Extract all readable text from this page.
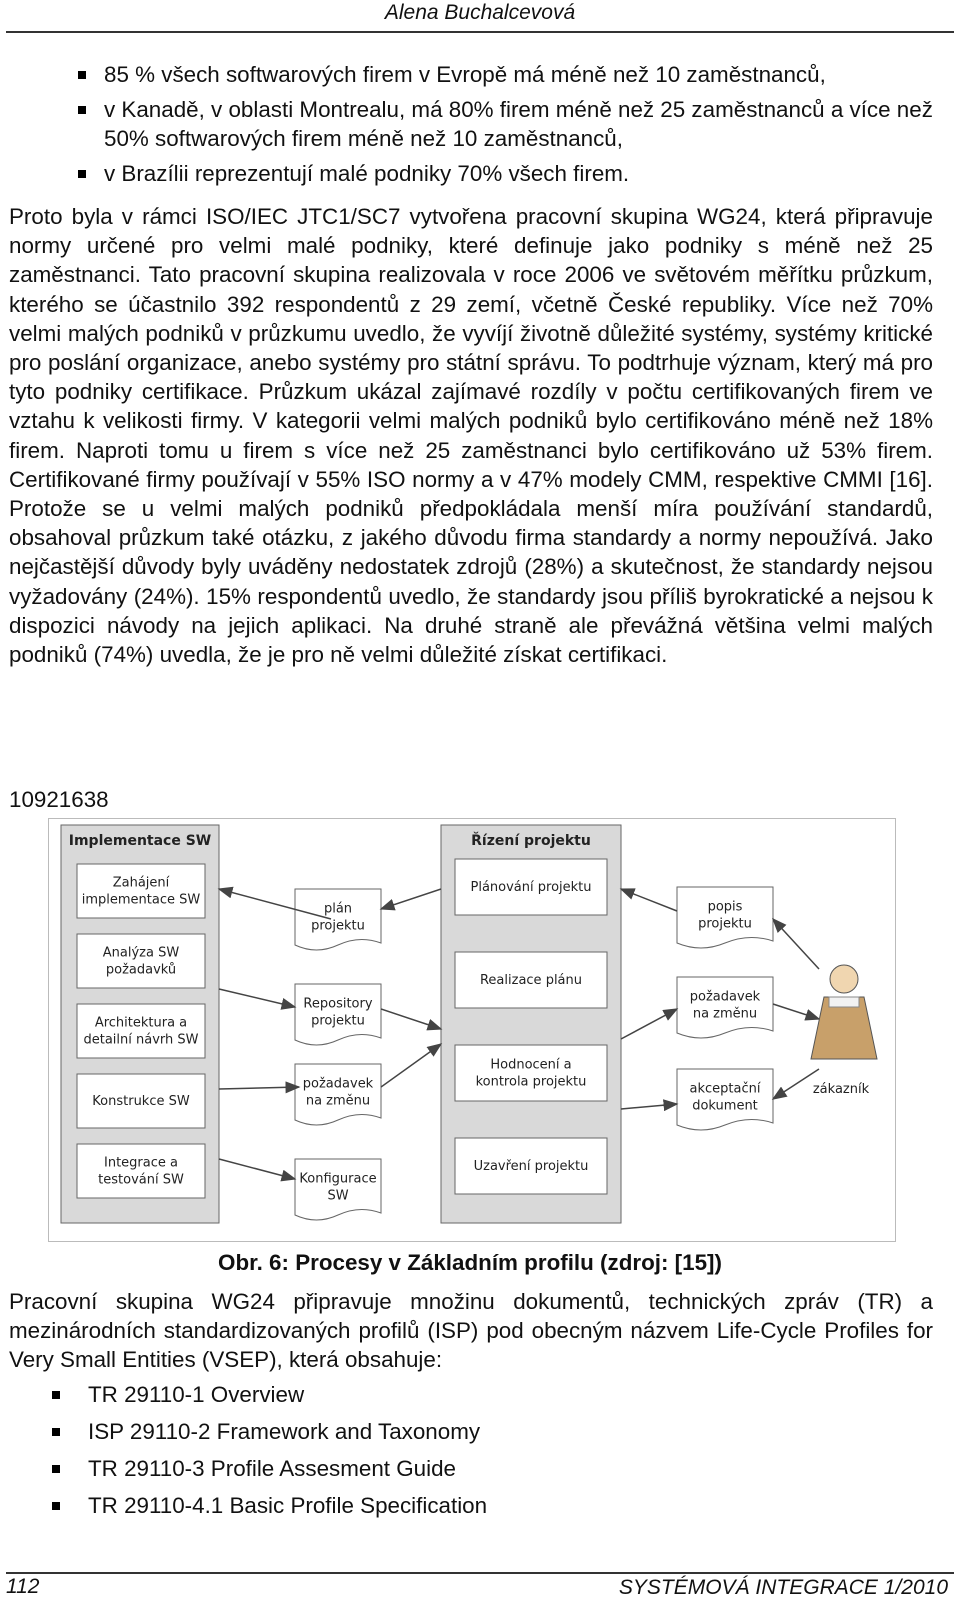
Alena Buchalcevová
85 % všech softwarových firem v Evropě má méně než 10 zaměstnanců,
v Kanadě, v oblasti Montrealu, má 80% firem méně než 25 zaměstnanců a více než 50% softwarových firem méně než 10 zaměstnanců,
v Brazílii reprezentují malé podniky 70% všech firem.

Proto byla v rámci ISO/IEC JTC1/SC7 vytvořena pracovní skupina WG24, která připravuje normy určené pro velmi malé podniky, které definuje jako podniky s méně než 25 zaměstnanci. Tato pracovní skupina realizovala v roce 2006 ve světovém měřítku průzkum, kterého se účastnilo 392 respondentů z 29 zemí, včetně České republiky. Více než 70% velmi malých podniků v průzkumu uvedlo, že vyvíjí životně důležité systémy, systémy kritické pro poslání organizace, anebo systémy pro státní správu. To podtrhuje význam, který má pro tyto podniky certifikace. Průzkum ukázal zajímavé rozdíly v počtu certifikovaných firem ve vztahu k velikosti firmy. V kategorii velmi malých podniků bylo certifikováno méně než 18% firem. Naproti tomu u firem s více než 25 zaměstnanci bylo certifikováno už 53% firem. Certifikované firmy používají v 55% ISO normy a v 47% modely CMM, respektive CMMI [16]. Protože se u velmi malých podniků předpokládala menší míra používání standardů, obsahoval průzkum také otázku, z jakého důvodu firma standardy a normy nepoužívá. Jako nejčastější důvody byly uváděny nedostatek zdrojů (28%) a skutečnost, že standardy nejsou vyžadovány (24%). 15% respondentů uvedlo, že standardy jsou příliš byrokratické a nejsou k dispozici návody na jejich aplikaci. Na druhé straně ale převážná většina velmi malých podniků (74%) uvedla, že je pro ně velmi důležité získat certifikaci.

10921638
Implementace SW
Zahájení
implementace SW
Analýza SW
požadavků
Architektura a
detailní návrh SW
Konstrukce SW
Integrace a
testování SW
Řízení projektu
Plánování projektu
Realizace plánu
Hodnocení a
kontrola projektu
Uzavření projektu
plán
projektu
Repository
projektu
požadavek
na změnu
Konfigurace
SW
popis
projektu
požadavek
na změnu
akceptační
dokument
zákazník
Obr. 6: Procesy v Základním profilu (zdroj: [15])

Pracovní skupina WG24 připravuje množinu dokumentů, technických zpráv (TR) a mezinárodních standardizovaných profilů (ISP) pod obecným názvem Life-Cycle Profiles for Very Small Entities (VSEP), která obsahuje:

TR 29110-1 Overview
ISP 29110-2 Framework and Taxonomy
TR 29110-3 Profile Assesment Guide
TR 29110-4.1 Basic Profile Specification
112	SYSTÉMOVÁ INTEGRACE 1/2010
